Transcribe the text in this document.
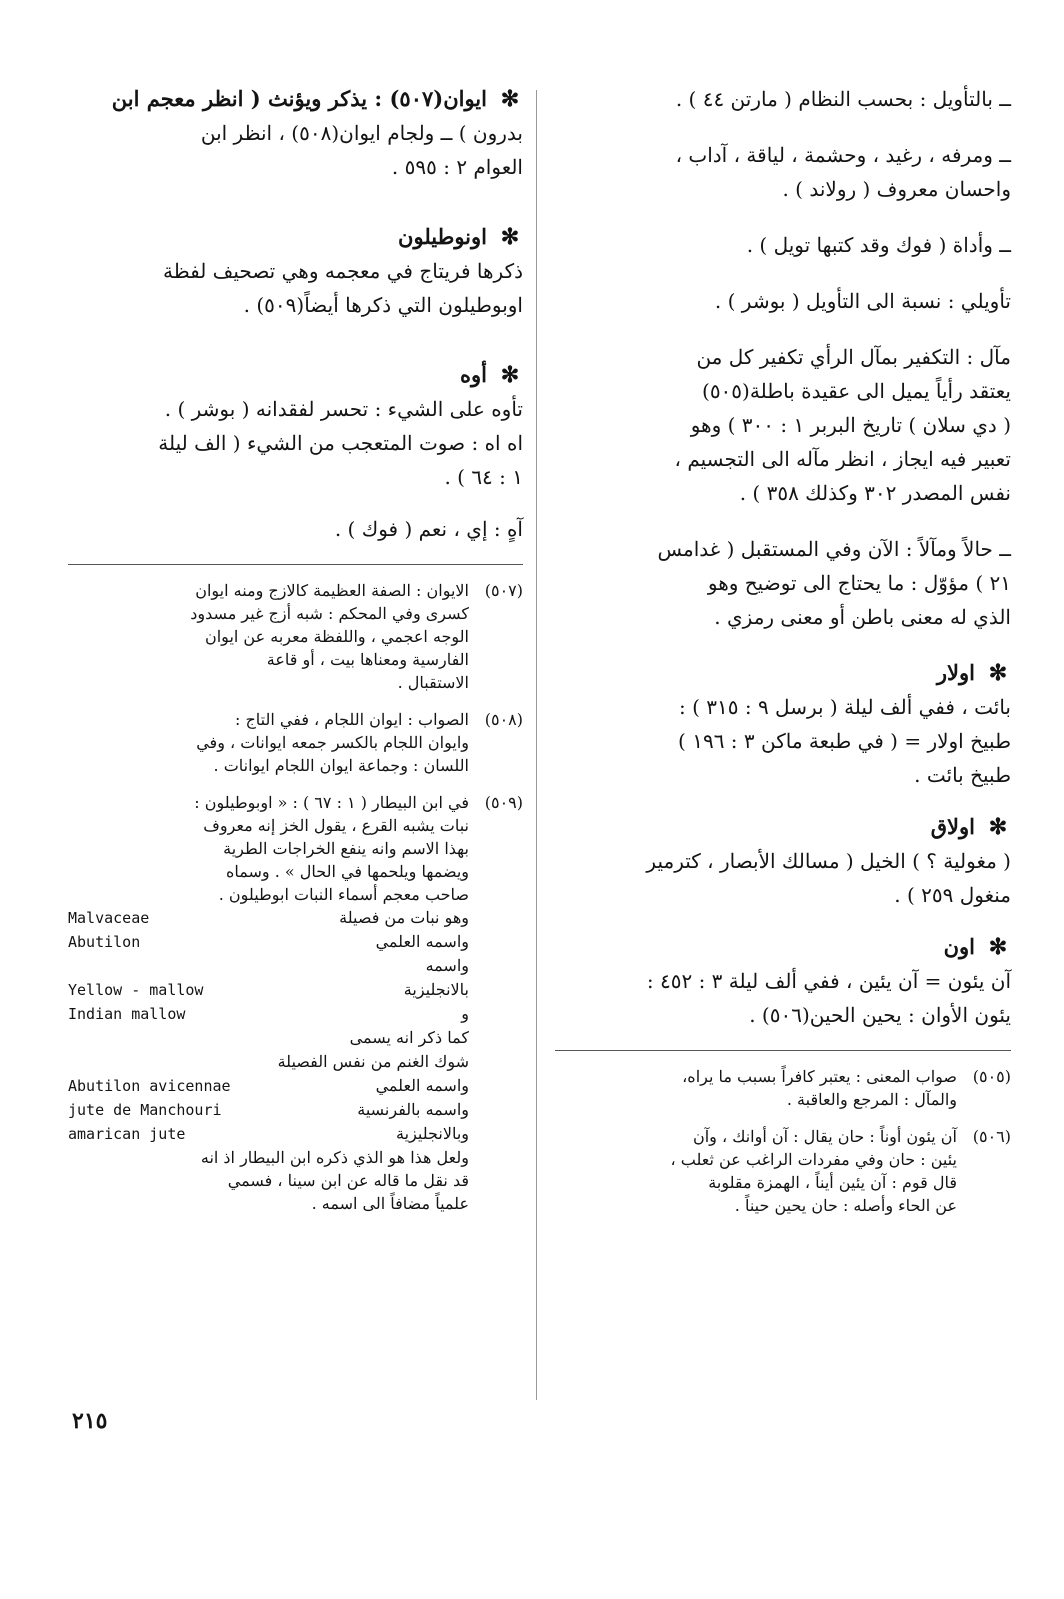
ــ بالتأويل : بحسب النظام ( مارتن ٤٤ ) .
ــ ومرفه ، رغيد ، وحشمة ، لياقة ، آداب ،
واحسان معروف ( رولاند ) .
ــ وأداة ( فوك وقد كتبها تويل ) .
تأويلي : نسبة الى التأويل ( بوشر ) .
مآل : التكفير بمآل الرأي تكفير كل من
يعتقد رأياً يميل الى عقيدة باطلة(٥٠٥)
( دي سلان ) تاريخ البربر ١ : ٣٠٠ ) وهو
تعبير فيه ايجاز ، انظر مآله الى التجسيم ،
نفس المصدر ٣٠٢ وكذلك ٣٥٨ ) .
ــ حالاً ومآلاً : الآن وفي المستقبل ( غدامس
٢١ ) مؤوّل : ما يحتاج الى توضيح وهو
الذي له معنى باطن أو معنى رمزي .
✻اولار
بائت ، ففي ألف ليلة ( برسل ٩ : ٣١٥ ) :
طبيخ اولار = ( في طبعة ماكن ٣ : ١٩٦ )
طبيخ بائت .
✻اولاق
( مغولية ؟ ) الخيل ( مسالك الأبصار ، كترمير
منغول ٢٥٩ ) .
✻اون
آن يئون = آن يئين ، ففي ألف ليلة ٣ : ٤٥٢ :
يئون الأوان : يحين الحين(٥٠٦) .
(٥٠٥)
صواب المعنى : يعتبر كافراً بسبب ما يراه،
والمآل : المرجع والعاقبة .
(٥٠٦)
آن يئون أوناً : حان يقال : آن أوانك ، وآن
يئين : حان وفي مفردات الراغب عن ثعلب ،
قال قوم : آن يئين أيناً ، الهمزة مقلوبة
عن الحاء وأصله : حان يحين حيناً .
✻ايوان(٥٠٧) : يذكر ويؤنث ( انظر معجم ابن
بدرون ) ــ ولجام ايوان(٥٠٨) ، انظر ابن
العوام ٢ : ٥٩٥ .
✻اونوطيلون
ذكرها فريتاج في معجمه وهي تصحيف لفظة
اوبوطيلون التي ذكرها أيضاً(٥٠٩) .
✻أوه
تأوه على الشيء : تحسر لفقدانه ( بوشر ) .
اه اه : صوت المتعجب من الشيء ( الف ليلة
١ : ٦٤ ) .
آهٍ : إي ، نعم ( فوك ) .
(٥٠٧)
الايوان : الصفة العظيمة كالازج ومنه ايوان
كسرى وفي المحكم : شبه أزج غير مسدود
الوجه اعجمي ، واللفظة معربه عن ايوان
الفارسية ومعناها بيت ، أو قاعة
الاستقبال .
(٥٠٨)
الصواب : ايوان اللجام ، ففي التاج :
وايوان اللجام بالكسر جمعه ايوانات ، وفي
اللسان : وجماعة ايوان اللجام ايوانات .
(٥٠٩)
في ابن البيطار ( ١ : ٦٧ ) : « اوبوطيلون :
نبات يشبه القرع ، يقول الخز إنه معروف
بهذا الاسم وانه ينفع الخراجات الطرية
ويضمها ويلحمها في الحال » . وسماه
صاحب معجم أسماء النبات ابوطيلون .
وهو نبات من فصيلة
Malvaceae
واسمه العلمي
Abutilon
واسمه
بالانجليزية
Yellow - mallow
و
Indian mallow
كما ذكر انه يسمى
شوك الغنم من نفس الفصيلة
واسمه العلمي
Abutilon avicennae
واسمه بالفرنسية
jute de Manchouri
وبالانجليزية
amarican jute
ولعل هذا هو الذي ذكره ابن البيطار اذ انه
قد نقل ما قاله عن ابن سينا ، فسمي
علمياً مضافاً الى اسمه .
٢١٥
